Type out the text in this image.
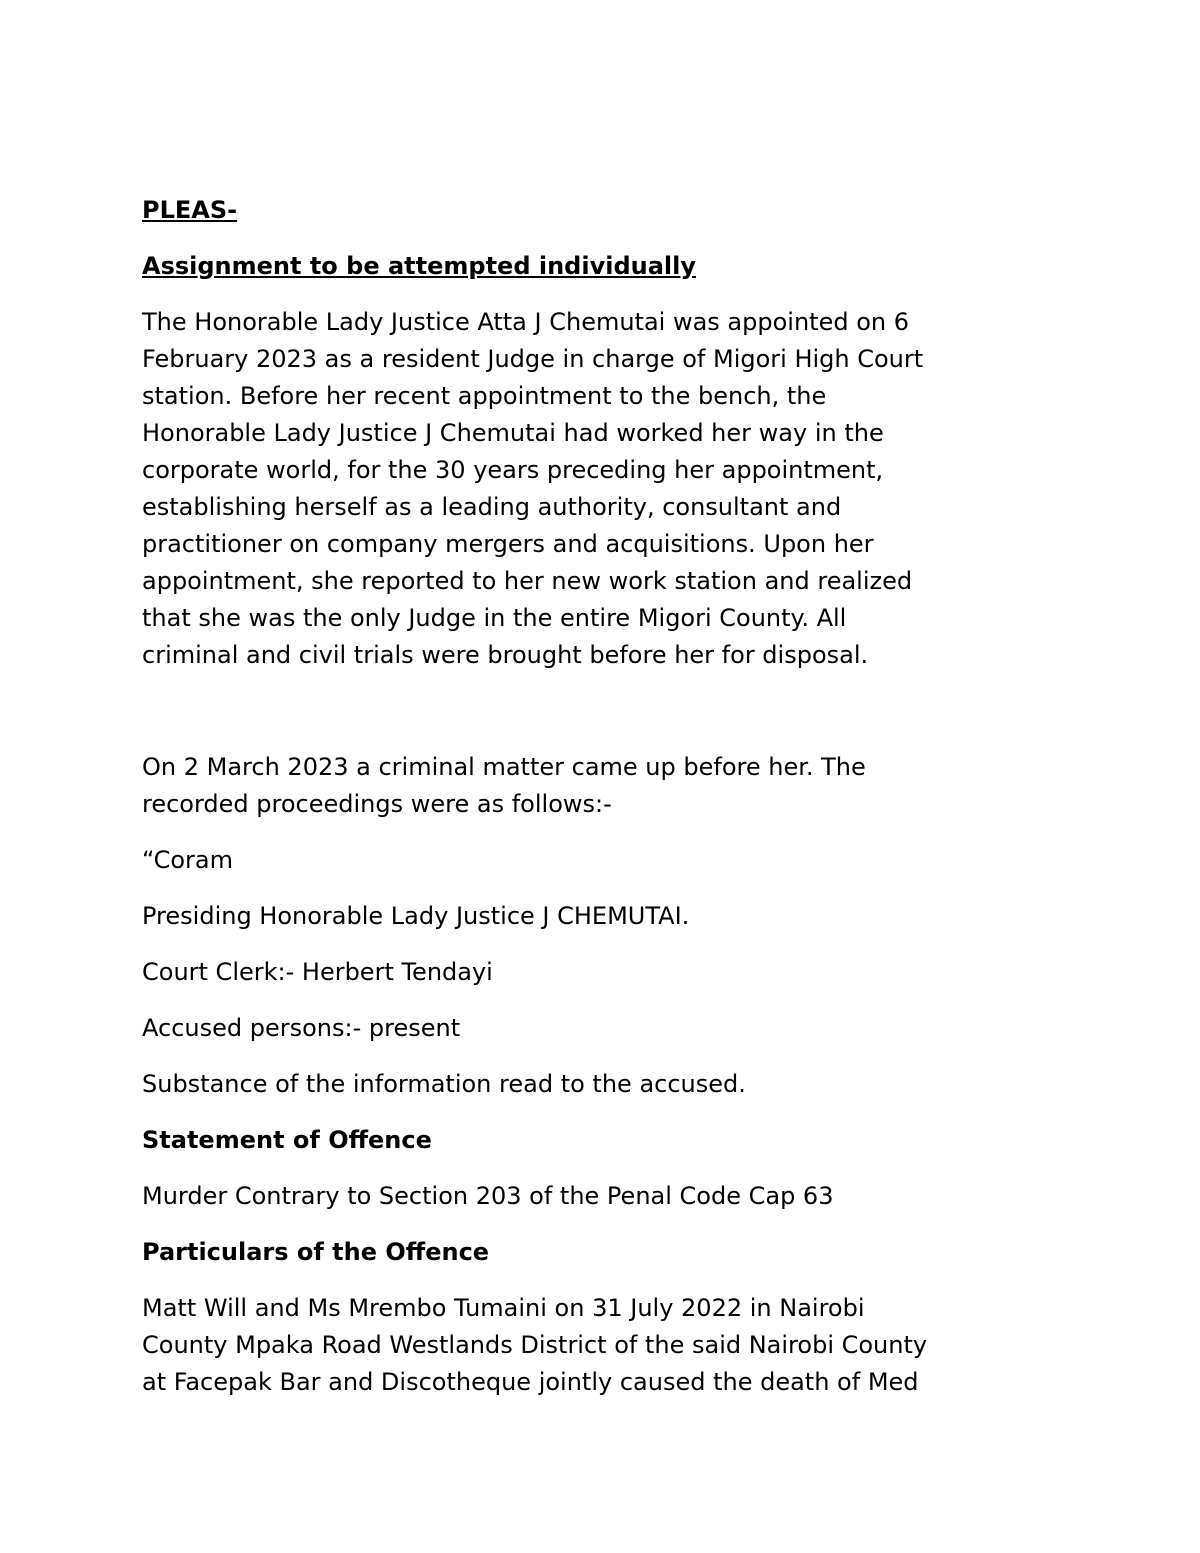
PLEAS-

Assignment to be attempted individually

The Honorable Lady Justice Atta J Chemutai was appointed on 6

February 2023 as a resident Judge in charge of Migori High Court

station. Before her recent appointment to the bench, the

Honorable Lady Justice J Chemutai had worked her way in the

corporate world, for the 30 years preceding her appointment,

establishing herself as a leading authority, consultant and

practitioner on company mergers and acquisitions. Upon her

appointment, she reported to her new work station and realized

that she was the only Judge in the entire Migori County. All

criminal and civil trials were brought before her for disposal.

On 2 March 2023 a criminal matter came up before her. The

recorded proceedings were as follows:-

“Coram

Presiding Honorable Lady Justice J CHEMUTAI.

Court Clerk:- Herbert Tendayi

Accused persons:- present

Substance of the information read to the accused.

Statement of Offence

Murder Contrary to Section 203 of the Penal Code Cap 63

Particulars of the Offence

Matt Will and Ms Mrembo Tumaini on 31 July 2022 in Nairobi

County Mpaka Road Westlands District of the said Nairobi County

at Facepak Bar and Discotheque jointly caused the death of Med
